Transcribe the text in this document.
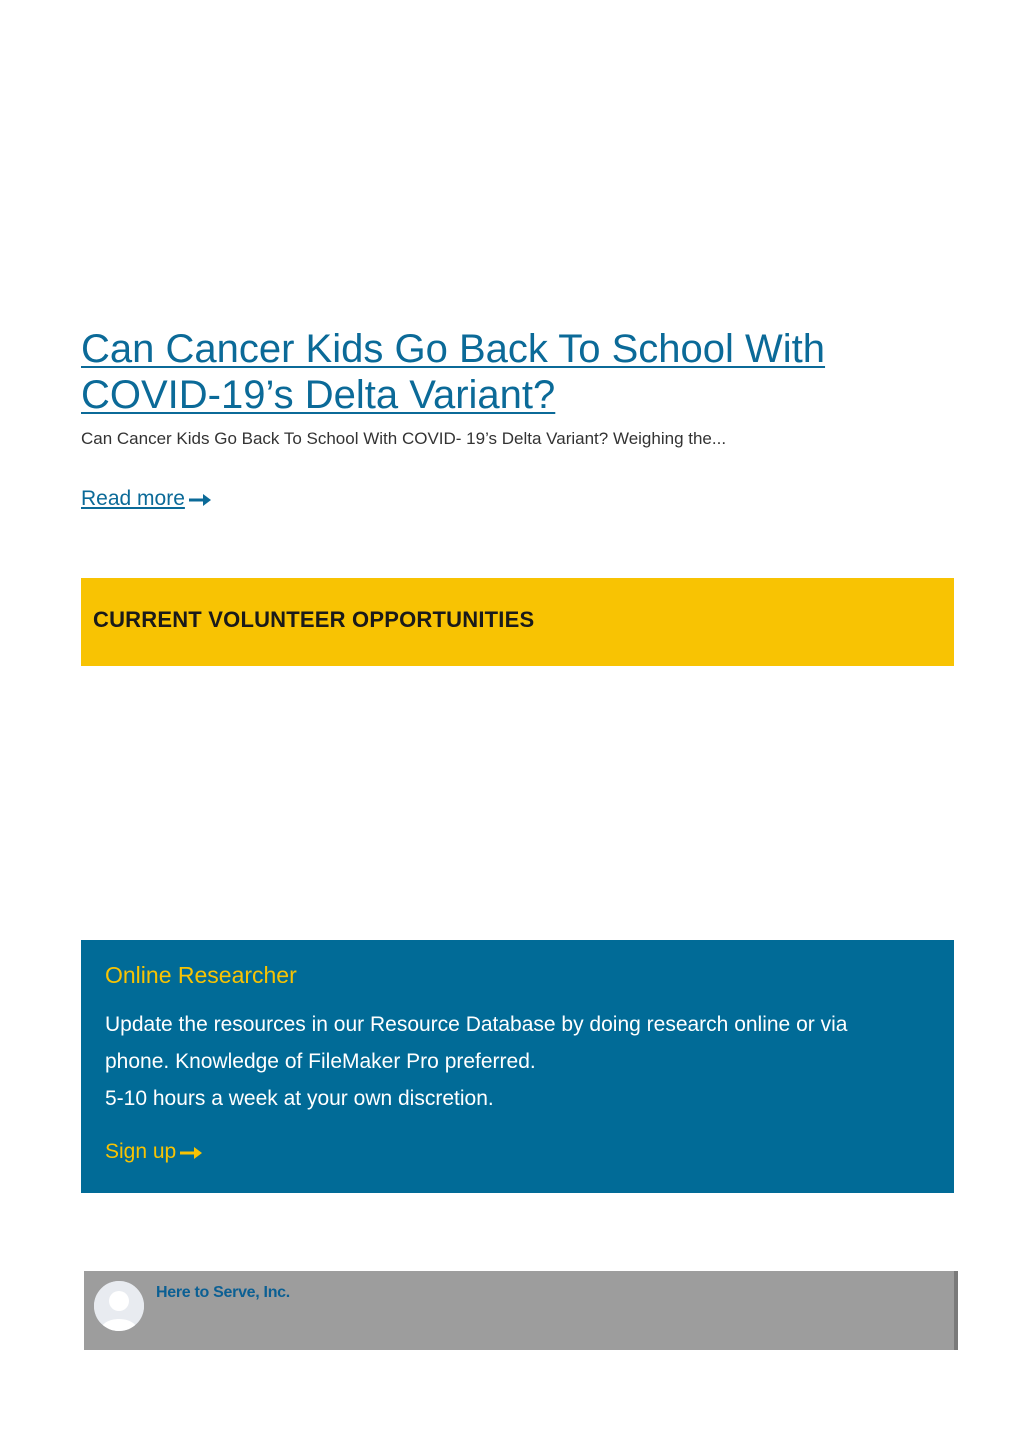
Can Cancer Kids Go Back To School With COVID-19’s Delta Variant?

Can Cancer Kids Go Back To School With COVID- 19’s Delta Variant? Weighing the...

Read more
CURRENT VOLUNTEER OPPORTUNITIES
Online Researcher

Update the resources in our Resource Database by doing research online or via
phone. Knowledge of FileMaker Pro preferred.
5-10 hours a week at your own discretion.

Sign up
Here to Serve, Inc.
